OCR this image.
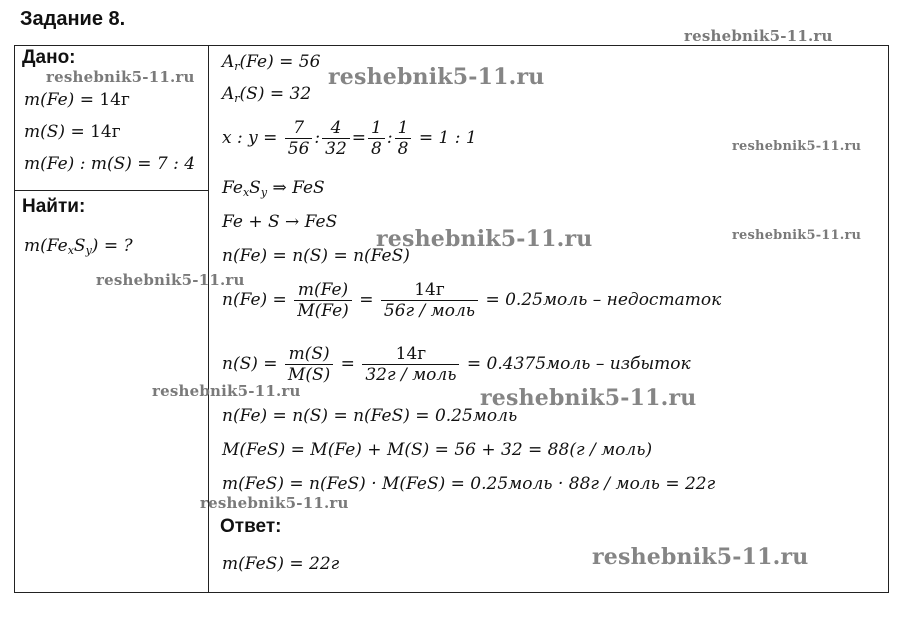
Задание 8.
Дано:
m(Fe) = 14г
m(S) = 14г
m(Fe) : m(S) = 7 : 4
Найти:
$m(Fe_xS_y)$ = ?
$A_r(Fe) = 56$
$A_r(S) = 32$
x : $y = \frac{7}{56}$ : $\frac{4}{32} = \frac{1}{8}$ : $\frac{1}{8} = 1$ : 1
$Fe_xS_y$ ⇒ FeS
Fe + S → FeS
n(Fe) = n(S) = n(FeS)
$n(Fe) = \frac{m(Fe)}{M(Fe)} = \frac{14г}{\text{56г / моль}}$ = 0.25моль – недостаток
$n(S) = \frac{m(S)}{M(S)} = \frac{14г}{\text{32г / моль}}$ = 0.4375моль – избыток
n(Fe) = n(S) = n(FeS) = 0.25моль
M(FeS) = M(Fe) + M(S) = 56 + 32 = 88(г / моль)
m(FeS) = n(FeS) · M(FeS) = 0.25моль · 88г / моль = 22г
Ответ:
m(FeS) = 22г
reshebnik5-11.ru
reshebnik5-11.ru	reshebnik5-11.ru
reshebnik5-11.ru
reshebnik5-11.ru	reshebnik5-11.ru
reshebnik5-11.ru
reshebnik5-11.ru	reshebnik5-11.ru
reshebnik5-11.ru
reshebnik5-11.ru
